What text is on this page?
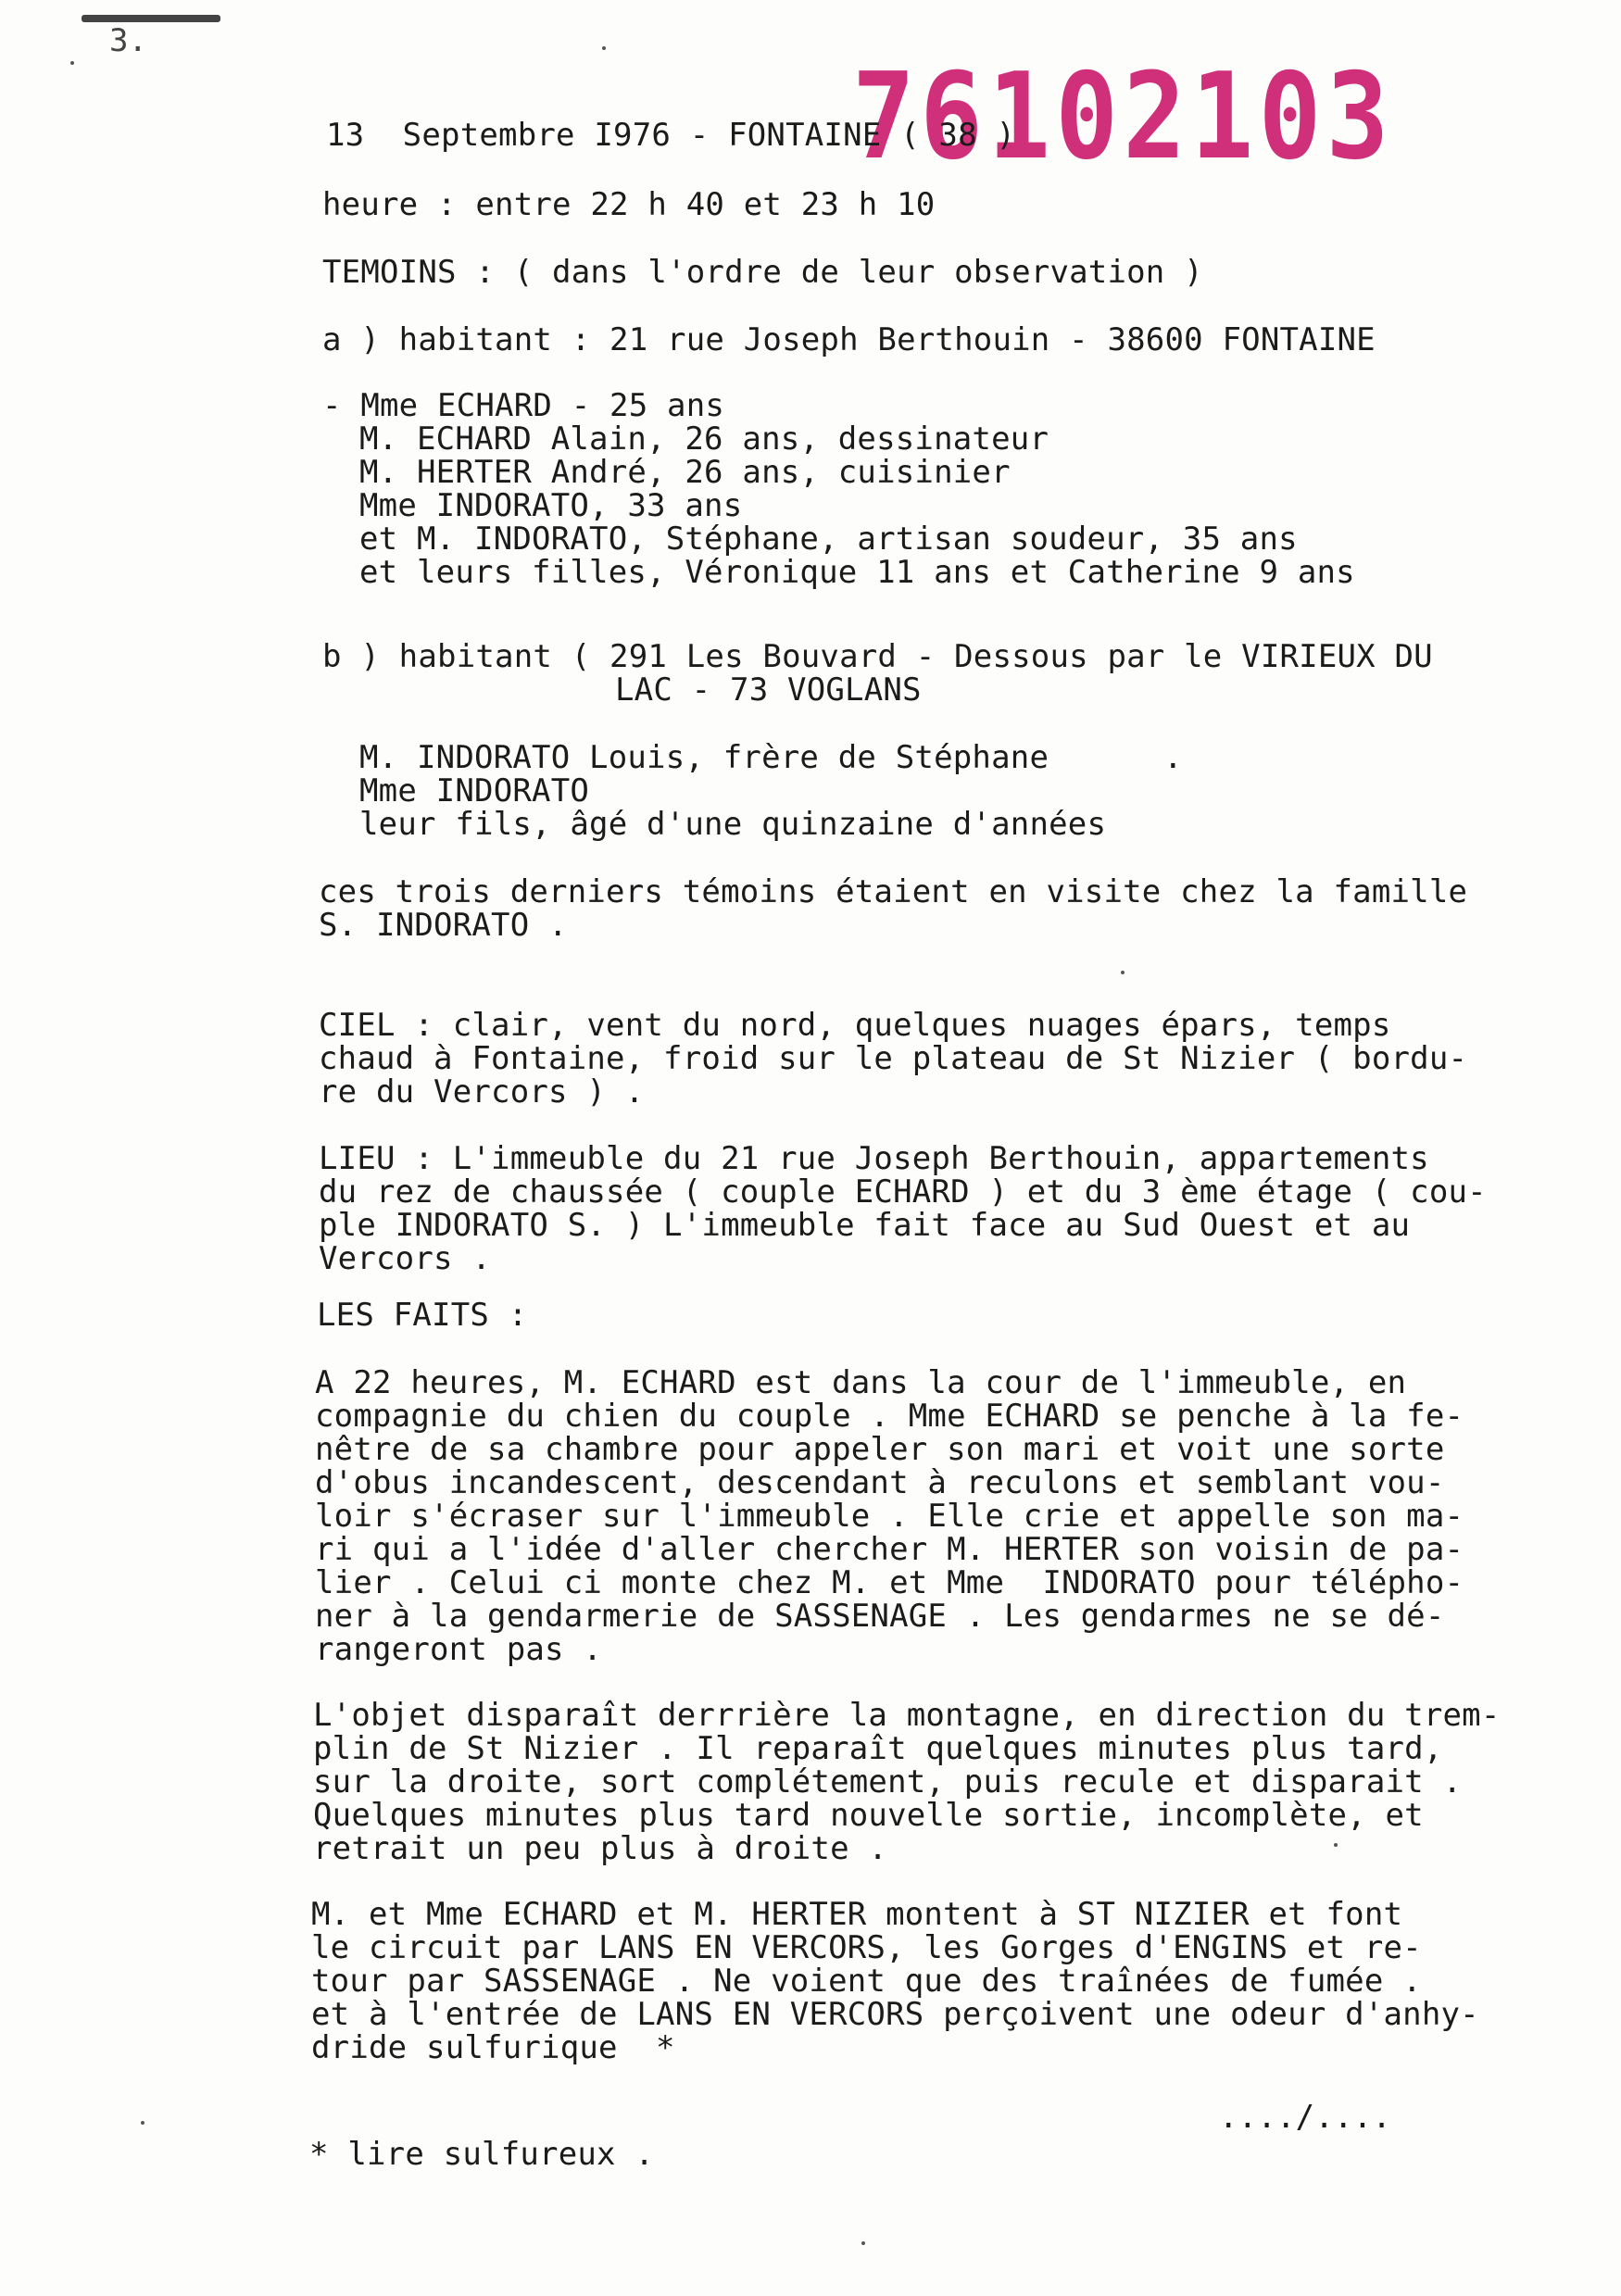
3.
76102103
13  Septembre I976 - FONTAINE ( 38 )
heure : entre 22 h 40 et 23 h 10
TEMOINS : ( dans l'ordre de leur observation )
a ) habitant : 21 rue Joseph Berthouin - 38600 FONTAINE
- Mme ECHARD - 25 ans
M. ECHARD Alain, 26 ans, dessinateur
M. HERTER André, 26 ans, cuisinier
Mme INDORATO, 33 ans
et M. INDORATO, Stéphane, artisan soudeur, 35 ans
et leurs filles, Véronique 11 ans et Catherine 9 ans
b ) habitant ( 291 Les Bouvard - Dessous par le VIRIEUX DU
LAC - 73 VOGLANS
M. INDORATO Louis, frère de Stéphane      .
Mme INDORATO
leur fils, âgé d'une quinzaine d'années
ces trois derniers témoins étaient en visite chez la famille
S. INDORATO .
CIEL : clair, vent du nord, quelques nuages épars, temps
chaud à Fontaine, froid sur le plateau de St Nizier ( bordu-
re du Vercors ) .
LIEU : L'immeuble du 21 rue Joseph Berthouin, appartements
du rez de chaussée ( couple ECHARD ) et du 3 ème étage ( cou-
ple INDORATO S. ) L'immeuble fait face au Sud Ouest et au
Vercors .
LES FAITS :
A 22 heures, M. ECHARD est dans la cour de l'immeuble, en
compagnie du chien du couple . Mme ECHARD se penche à la fe-
nêtre de sa chambre pour appeler son mari et voit une sorte
d'obus incandescent, descendant à reculons et semblant vou-
loir s'écraser sur l'immeuble . Elle crie et appelle son ma-
ri qui a l'idée d'aller chercher M. HERTER son voisin de pa-
lier . Celui ci monte chez M. et Mme  INDORATO pour télépho-
ner à la gendarmerie de SASSENAGE . Les gendarmes ne se dé-
rangeront pas .
L'objet disparaît derrrière la montagne, en direction du trem-
plin de St Nizier . Il reparaît quelques minutes plus tard,
sur la droite, sort complétement, puis recule et disparait .
Quelques minutes plus tard nouvelle sortie, incomplète, et
retrait un peu plus à droite .
M. et Mme ECHARD et M. HERTER montent à ST NIZIER et font
le circuit par LANS EN VERCORS, les Gorges d'ENGINS et re-
tour par SASSENAGE . Ne voient que des traînées de fumée .
et à l'entrée de LANS EN VERCORS perçoivent une odeur d'anhy-
dride sulfurique  *
..../....
* lire sulfureux .
